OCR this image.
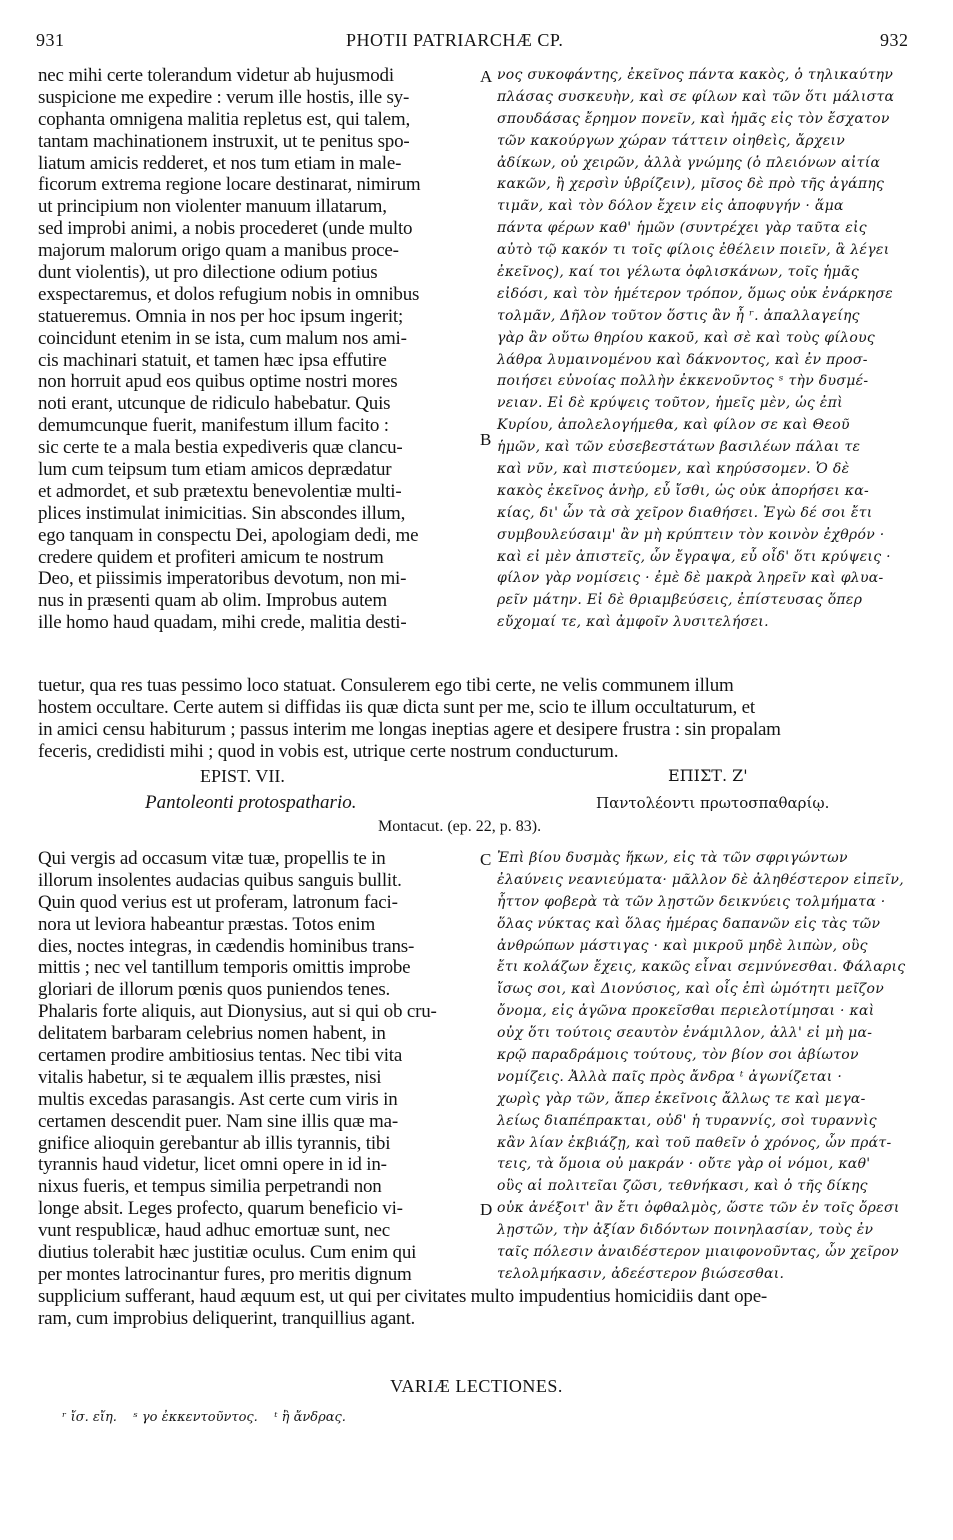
931	PHOTII PATRIARCHÆ CP.	932
nec mihi certe tolerandum videtur ab hujusmodi
suspicione me expedire : verum ille hostis, ille sy-
cophanta omnigena malitia repletus est, qui talem,
tantam machinationem instruxit, ut te penitus spo-
liatum amicis redderet, et nos tum etiam in male-
ficorum extrema regione locare destinarat, nimirum
ut principium non violenter manuum illatarum,
sed improbi animi, a nobis procederet (unde multo
majorum malorum origo quam a manibus proce-
dunt violentis), ut pro dilectione odium potius
exspectaremus, et dolos refugium nobis in omnibus
statueremus. Omnia in nos per hoc ipsum ingerit;
coincidunt etenim in se ista, cum malum nos ami-
cis machinari statuit, et tamen hæc ipsa effutire
non horruit apud eos quibus optime nostri mores
noti erant, utcunque de ridiculo habebatur. Quis
demumcunque fuerit, manifestum illum facito :
sic certe te a mala bestia expediveris quæ clancu-
lum cum teipsum tum etiam amicos deprædatur
et admordet, et sub prætextu benevolentiæ multi-
plices instimulat inimicitias. Sin abscondes illum,
ego tanquam in conspectu Dei, apologiam dedi, me
credere quidem et profiteri amicum te nostrum
Deo, et piissimis imperatoribus devotum, non mi-
nus in præsenti quam ab olim. Improbus autem
ille homo haud quadam, mihi crede, malitia desti-
νος συκοφάντης, ἐκεῖνος πάντα κακὸς, ὁ τηλικαύτην
πλάσας συσκευὴν, καὶ σε φίλων καὶ τῶν ὅτι μάλιστα
σπουδάσας ἔρημον πονεῖν, καὶ ἡμᾶς εἰς τὸν ἔσχατον
τῶν κακούργων χώραν τάττειν οἰηθεὶς, ἄρχειν
ἀδίκων, οὐ χειρῶν, ἀλλὰ γνώμης (ὁ πλειόνων αἰτία
κακῶν, ἢ χερσὶν ὑβρίζειν), μῖσος δὲ πρὸ τῆς ἀγάπης
τιμᾶν, καὶ τὸν δόλον ἔχειν εἰς ἀποφυγήν · ἅμα
πάντα φέρων καθ' ἡμῶν (συντρέχει γὰρ ταῦτα εἰς
αὐτὸ τῷ κακόν τι τοῖς φίλοις ἐθέλειν ποιεῖν, ἃ λέγει
ἐκεῖνος), καί τοι γέλωτα ὀφλισκάνων, τοῖς ἡμᾶς
εἰδόσι, καὶ τὸν ἡμέτερον τρόπον, ὅμως οὐκ ἐνάρκησε
τολμᾶν, Δῆλον τοῦτον ὅστις ἂν ἦ ʳ. ἀπαλλαγείης
γὰρ ἂν οὕτω θηρίου κακοῦ, καὶ σὲ καὶ τοὺς φίλους
λάθρα λυμαινομένου καὶ δάκνοντος, καὶ ἐν προσ-
ποιήσει εὐνοίας πολλὴν ἐκκενοῦντος ˢ τὴν δυσμέ-
νειαν. Εἰ δὲ κρύψεις τοῦτον, ἡμεῖς μὲν, ὡς ἐπὶ
Κυρίου, ἀπολελογήμεθα, καὶ φίλον σε καὶ Θεοῦ
ἡμῶν, καὶ τῶν εὐσεβεστάτων βασιλέων πάλαι τε
καὶ νῦν, καὶ πιστεύομεν, καὶ κηρύσσομεν. Ὁ δὲ
κακὸς ἐκεῖνος ἀνὴρ, εὖ ἴσθι, ὡς οὐκ ἀπορήσει κα-
κίας, δι' ὧν τὰ σὰ χεῖρον διαθήσει. Ἐγὼ δέ σοι ἔτι
συμβουλεύσαιμ' ἂν μὴ κρύπτειν τὸν κοινὸν ἐχθρόν ·
καὶ εἰ μὲν ἀπιστεῖς, ὧν ἔγραψα, εὖ οἶδ' ὅτι κρύψεις ·
φίλον γὰρ νομίσεις · ἐμὲ δὲ μακρὰ ληρεῖν καὶ φλυα-
ρεῖν μάτην. Εἰ δὲ θριαμβεύσεις, ἐπίστευσας ὅπερ
εὔχομαί τε, καὶ ἀμφοῖν λυσιτελήσει.
A
B
tuetur, qua res tuas pessimo loco statuat. Consulerem ego tibi certe, ne velis communem illum
hostem occultare. Certe autem si diffidas iis quæ dicta sunt per me, scio te illum occultaturum, et
in amici censu habiturum ; passus interim me longas ineptias agere et desipere frustra : sin propalam
feceris, credidisti mihi ; quod in vobis est, utrique certe nostrum conducturum.
EPIST. VII.	ΕΠΙΣΤ. Ζ'
Pantoleonti protospathario.	Παντολέοντι πρωτοσπαθαρίῳ.
Montacut. (ep. 22, p. 83).
Qui vergis ad occasum vitæ tuæ, propellis te in
illorum insolentes audacias quibus sanguis bullit.
Quin quod verius est ut proferam, latronum faci-
nora ut leviora habeantur præstas. Totos enim
dies, noctes integras, in cædendis hominibus trans-
mittis ; nec vel tantillum temporis omittis improbe
gloriari de illorum pœnis quos puniendos tenes.
Phalaris forte aliquis, aut Dionysius, aut si qui ob cru-
delitatem barbaram celebrius nomen habent, in
certamen prodire ambitiosius tentas. Nec tibi vita
vitalis habetur, si te æqualem illis præstes, nisi
multis excedas parasangis. Ast certe cum viris in
certamen descendit puer. Nam sine illis quæ ma-
gnifice alioquin gerebantur ab illis tyrannis, tibi
tyrannis haud videtur, licet omni opere in id in-
nixus fueris, et tempus similia perpetrandi non
longe absit. Leges profecto, quarum beneficio vi-
vunt respublicæ, haud adhuc emortuæ sunt, nec
diutius tolerabit hæc justitiæ oculus. Cum enim qui
per montes latrocinantur fures, pro meritis dignum
Ἐπὶ βίου δυσμὰς ἥκων, εἰς τὰ τῶν σφριγώντων
ἐλαύνεις νεανιεύματα· μᾶλλον δὲ ἀληθέστερον εἰπεῖν,
ἧττον φοβερὰ τὰ τῶν λῃστῶν δεικνύεις τολμήματα ·
ὅλας νύκτας καὶ ὅλας ἡμέρας δαπανῶν εἰς τὰς τῶν
ἀνθρώπων μάστιγας · καὶ μικροῦ μηδὲ λιπὼν, οὓς
ἔτι κολάζων ἔχεις, κακῶς εἶναι σεμνύνεσθαι. Φάλαρις
ἴσως σοι, καὶ Διονύσιος, καὶ οἷς ἐπὶ ὠμότητι μεῖζον
ὄνομα, εἰς ἀγῶνα προκεῖσθαι περιελοτίμησαι · καὶ
οὐχ ὅτι τούτοις σεαυτὸν ἐνάμιλλον, ἀλλ' εἰ μὴ μα-
κρῷ παραδράμοις τούτους, τὸν βίον σοι ἀβίωτον
νομίζεις. Ἀλλὰ παῖς πρὸς ἄνδρα ᵗ ἀγωνίζεται ·
χωρὶς γὰρ τῶν, ἅπερ ἐκεῖνοις ἄλλως τε καὶ μεγα-
λείως διαπέπρακται, οὐδ' ἡ τυραννίς, σοὶ τυραννὶς
κἂν λίαν ἐκβιάζῃ, καὶ τοῦ παθεῖν ὁ χρόνος, ὧν πράτ-
τεις, τὰ ὅμοια οὐ μακράν · οὔτε γὰρ οἱ νόμοι, καθ'
οὓς αἱ πολιτεῖαι ζῶσι, τεθνήκασι, καὶ ὁ τῆς δίκης
οὐκ ἀνέξοιτ' ἂν ἔτι ὀφθαλμὸς, ὥστε τῶν ἐν τοῖς ὄρεσι
λῃστῶν, τὴν ἀξίαν διδόντων ποινηλασίαν, τοὺς ἐν
ταῖς πόλεσιν ἀναιδέστερον μιαιφονοῦντας, ὧν χεῖρον
τελολμήκασιν, ἀδεέστερον βιώσεσθαι.
C
D
supplicium sufferant, haud æquum est, ut qui per civitates multo impudentius homicidiis dant ope-
ram, cum improbius deliquerint, tranquillius agant.
VARIÆ LECTIONES.
ʳ ἴσ. εἴη.    ˢ γο ἐκκεντοῦντος.    ᵗ ἢ ἄνδρας.
